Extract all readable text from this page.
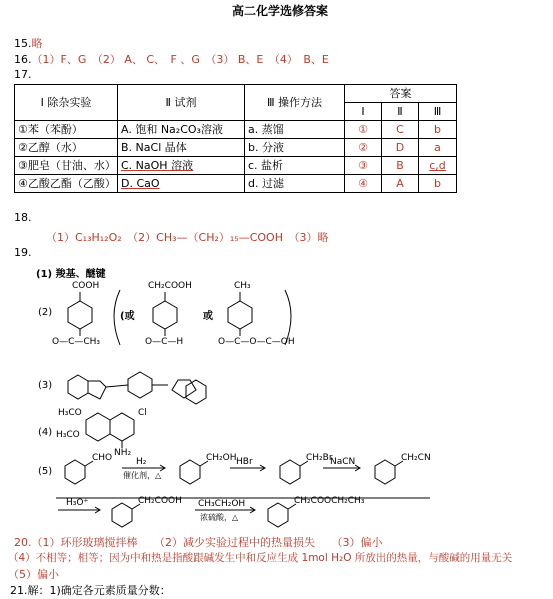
高二化学选修答案
15.略
16.（1）F、G　（2） A、 C、　F 、G　（3） B、E　（4）　B、E
17.
Ⅰ 除杂实验	Ⅱ 试剂	Ⅲ 操作方法	答案		
			Ⅰ	Ⅱ	Ⅲ
①苯（苯酚）	A. 饱和 Na₂CO₃溶液	a. 蒸馏	①	C	b
②乙醇（水）	B. NaCl 晶体	b. 分液	②	D	a
③肥皂（甘油、水）	C. NaOH 溶液	c. 盐析	③	B	c,d
④乙酸乙酯（乙酸）	D. CaO	d. 过滤	④	A	b
18.
（1）C₁₃H₁₂O₂　（2）CH₃—（CH₂）₁₅—COOH　（3）略
19.
(1) 羧基、醚键
(2)
COOH
O—C—CH₃
(或
CH₂COOH
O—C—H
或
CH₃
O—C—O—C—OH
(3)
(4)
H₃CO
H₃CO
Cl
NH₂
(5)
CHO	H₂
催化剂，△
CH₂OH HBr	CH₂Br
NaCN	CH₂CN
H₃O⁺	CH₂COOH CH₃CH₂OH
浓硫酸，△
CH₂COOCH₂CH₃
20.（1）环形玻璃搅拌棒　　（2）减少实验过程中的热量损失　　（3）偏小
（4）不相等；相等；因为中和热是指酸跟碱发生中和反应生成 1mol H₂O 所放出的热量，与酸碱的用量无关
（5）偏小
21.解：1)确定各元素质量分数：
